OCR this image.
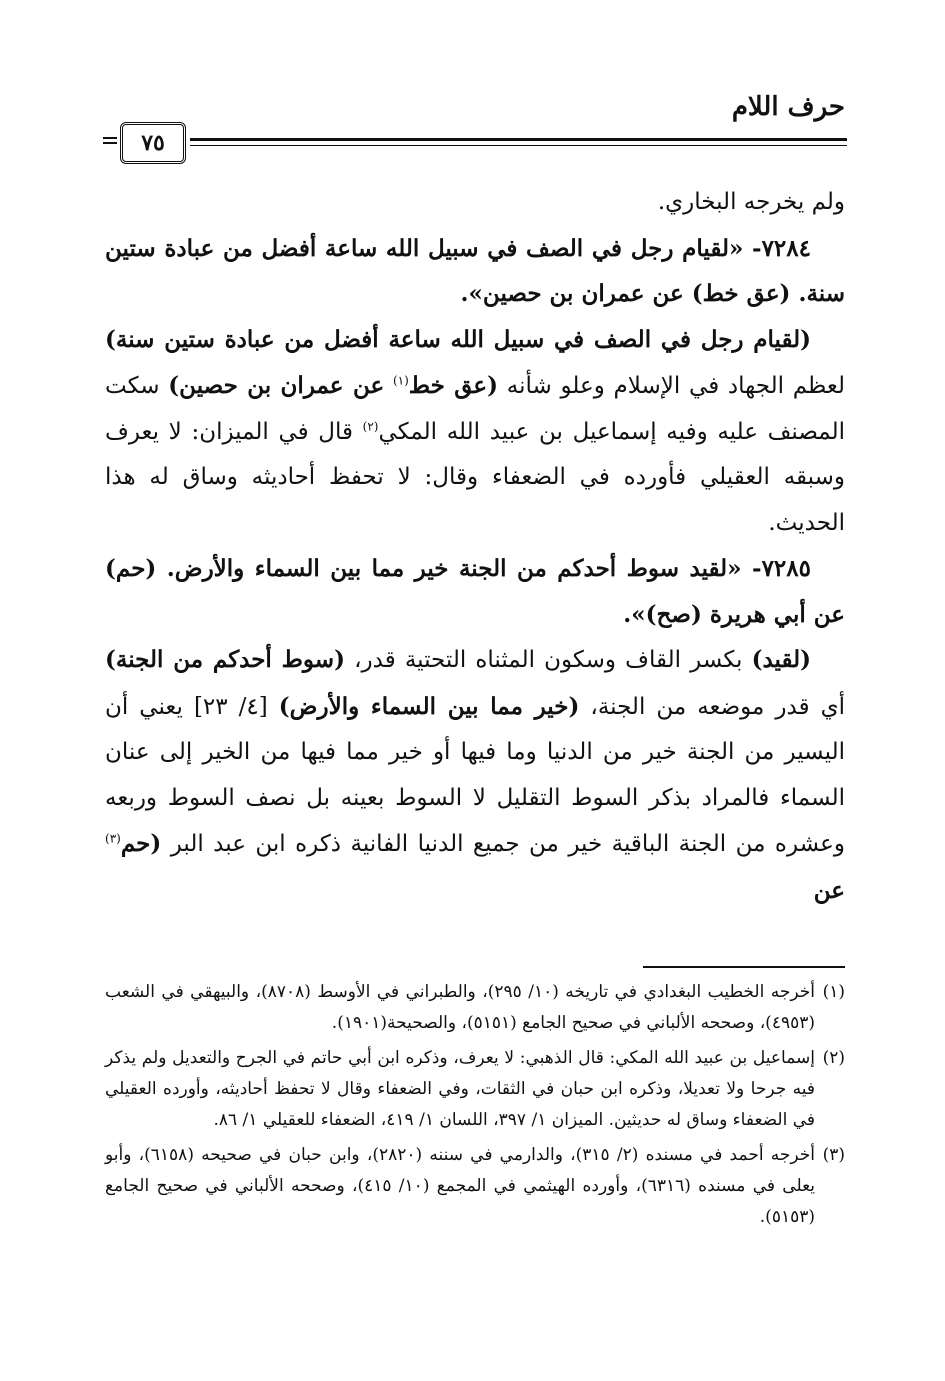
حرف اللام
٧٥

ولم يخرجه البخاري.

٧٢٨٤- «لقيام رجل في الصف في سبيل الله ساعة أفضل من عبادة ستين سنة. (عق خط) عن عمران بن حصين».

(لقيام رجل في الصف في سبيل الله ساعة أفضل من عبادة ستين سنة) لعظم الجهاد في الإسلام وعلو شأنه (عق خط$^{(١)}$ عن عمران بن حصين) سكت المصنف عليه وفيه إسماعيل بن عبيد الله المكي$^{(٢)}$ قال في الميزان: لا يعرف وسبقه العقيلي فأورده في الضعفاء وقال: لا تحفظ أحاديثه وساق له هذا الحديث.

٧٢٨٥- «لقيد سوط أحدكم من الجنة خير مما بين السماء والأرض. (حم) عن أبي هريرة (صح)».

(لقيد) بكسر القاف وسكون المثناه التحتية قدر، (سوط أحدكم من الجنة) أي قدر موضعه من الجنة، (خير مما بين السماء والأرض) [٤/ ٢٣] يعني أن اليسير من الجنة خير من الدنيا وما فيها أو خير مما فيها من الخير إلى عنان السماء فالمراد بذكر السوط التقليل لا السوط بعينه بل نصف السوط وربعه وعشره من الجنة الباقية خير من جميع الدنيا الفانية ذكره ابن عبد البر (حم$^{(٣)}$ عن

(١)
أخرجه الخطيب البغدادي في تاريخه (١٠/ ٢٩٥)، والطبراني في الأوسط (٨٧٠٨)، والبيهقي في الشعب (٤٩٥٣)، وصححه الألباني في صحيح الجامع (٥١٥١)، والصحيحة(١٩٠١).

(٢)
إسماعيل بن عبيد الله المكي: قال الذهبي: لا يعرف، وذكره ابن أبي حاتم في الجرح والتعديل ولم يذكر فيه جرحا ولا تعديلا، وذكره ابن حبان في الثقات، وفي الضعفاء وقال لا تحفظ أحاديثه، وأورده العقيلي في الضعفاء وساق له حديثين. الميزان ١/ ٣٩٧، اللسان ١/ ٤١٩، الضعفاء للعقيلي ١/ ٨٦.

(٣)
أخرجه أحمد في مسنده (٢/ ٣١٥)، والدارمي في سننه (٢٨٢٠)، وابن حبان في صحيحه (٦١٥٨)، وأبو يعلى في مسنده (٦٣١٦)، وأورده الهيثمي في المجمع (١٠/ ٤١٥)، وصححه الألباني في صحيح الجامع (٥١٥٣).
